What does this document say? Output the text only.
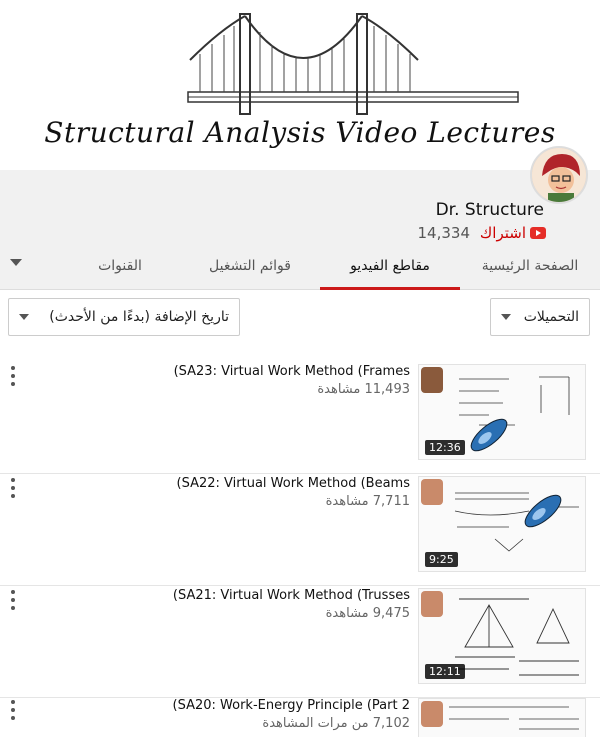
Structural Analysis Video Lectures
Dr. Structure
اشتراك
14,334
الصفحة الرئيسية
مقاطع الفيديو
قوائم التشغيل
القنوات
التحميلات
تاريخ الإضافة (بدءًا من الأحدث)
12:36
(SA23: Virtual Work Method (Frames
11,493 مشاهدة
9:25
(SA22: Virtual Work Method (Beams
7,711 مشاهدة
12:11
(SA21: Virtual Work Method (Trusses
9,475 مشاهدة
(SA20: Work-Energy Principle (Part 2
7,102 من مرات المشاهدة
